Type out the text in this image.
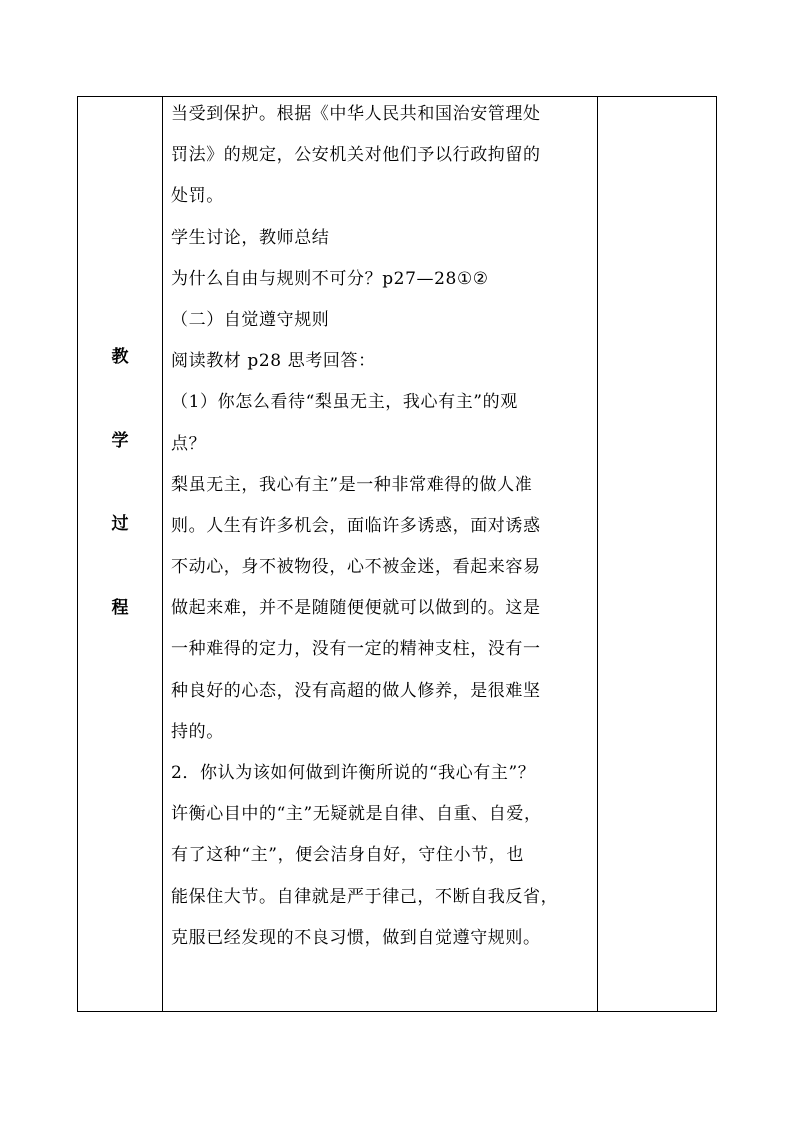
教
学
过
程
当受到保护。根据《中华人民共和国治安管理处
罚法》的规定，公安机关对他们予以行政拘留的
处罚。
学生讨论，教师总结
为什么自由与规则不可分？p27—28①②
（二）自觉遵守规则
阅读教材 p28 思考回答：
（1）你怎么看待“梨虽无主，我心有主”的观
点？
梨虽无主，我心有主”是一种非常难得的做人准
则。人生有许多机会，面临许多诱惑，面对诱惑
不动心，身不被物役，心不被金迷，看起来容易
做起来难，并不是随随便便就可以做到的。这是
一种难得的定力，没有一定的精神支柱，没有一
种良好的心态，没有高超的做人修养，是很难坚
持的。
2．你认为该如何做到许衡所说的“我心有主”？
许衡心目中的“主”无疑就是自律、自重、自爱，
有了这种“主”，便会洁身自好，守住小节，也
能保住大节。自律就是严于律己，不断自我反省，
克服已经发现的不良习惯，做到自觉遵守规则。
